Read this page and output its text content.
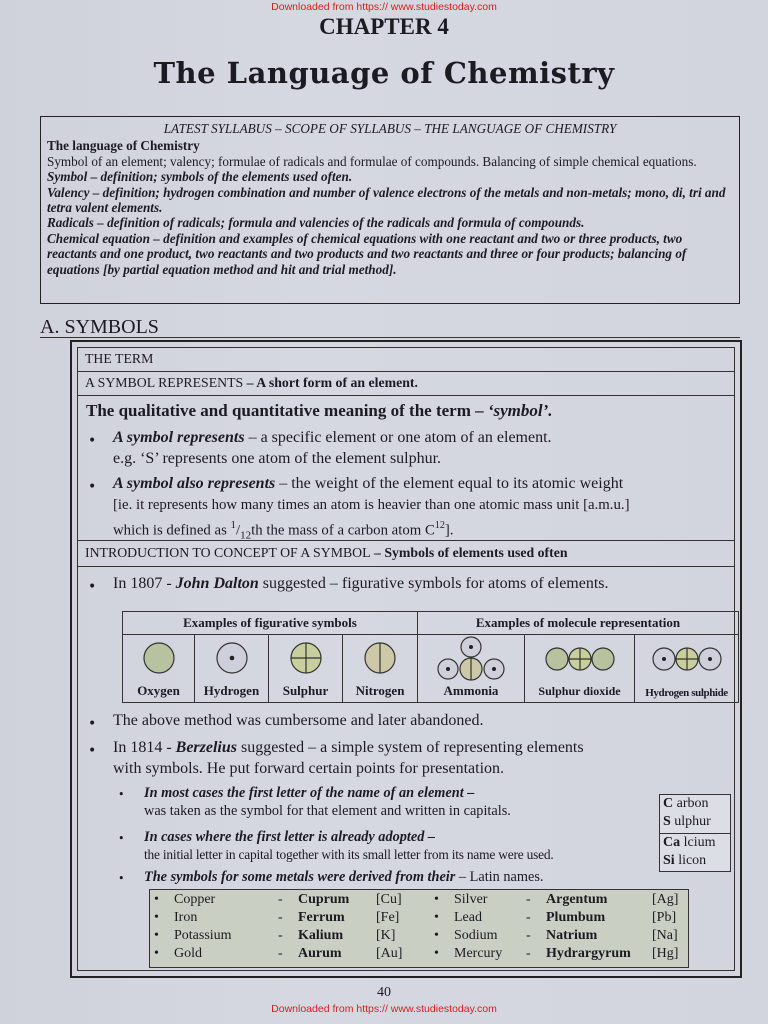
Downloaded from https:// www.studiestoday.com
CHAPTER 4
The Language of Chemistry
LATEST SYLLABUS – SCOPE OF SYLLABUS – THE LANGUAGE OF CHEMISTRY
The language of Chemistry
Symbol of an element; valency; formulae of radicals and formulae of compounds. Balancing of simple chemical equations.
Symbol – definition; symbols of the elements used often.
Valency – definition; hydrogen combination and number of valence electrons of the metals and non-metals; mono, di, tri and tetra valent elements.
Radicals – definition of radicals; formula and valencies of the radicals and formula of compounds.
Chemical equation – definition and examples of chemical equations with one reactant and two or three products, two reactants and one product, two reactants and two products and two reactants and three or four products; balancing of equations [by partial equation method and hit and trial method].
A. SYMBOLS
THE TERM
A SYMBOL REPRESENTS – A short form of an element.
The qualitative and quantitative meaning of the term – ‘symbol’.
• A symbol represents – a specific element or one atom of an element.
e.g. ‘S’ represents one atom of the element sulphur.
• A symbol also represents – the weight of the element equal to its atomic weight
[ie. it represents how many times an atom is heavier than one atomic mass unit [a.m.u.]
which is defined as $^1/_{12}th$ the mass of a carbon atom $C^{12}$].
INTRODUCTION TO CONCEPT OF A SYMBOL – Symbols of elements used often
• In 1807 - John Dalton suggested – figurative symbols for atoms of elements.
Examples of figurative symbols	Examples of molecule representation
Oxygen	Hydrogen	Sulphur	Nitrogen	Ammonia	Sulphur dioxide	Hydrogen sulphide
• The above method was cumbersome and later abandoned.
• In 1814 - Berzelius suggested – a simple system of representing elements
with symbols. He put forward certain points for presentation.
• In most cases the first letter of the name of an element –
was taken as the symbol for that element and written in capitals.
• In cases where the first letter is already adopted –
the initial letter in capital together with its small letter from its name were used.
• The symbols for some metals were derived from their – Latin names.
C arbon
S ulphur
Ca lcium
Si licon
• Copper	- Cuprum [Cu] • Silver	- Argentum	[Ag]
• Iron	- Ferrum [Fe] • Lead	- Plumbum	[Pb]
• Potassium	- Kalium [K]	• Sodium - Natrium	[Na]
• Gold	- Aurum [Au] • Mercury - Hydrargyrum [Hg]
40
Downloaded from https:// www.studiestoday.com
